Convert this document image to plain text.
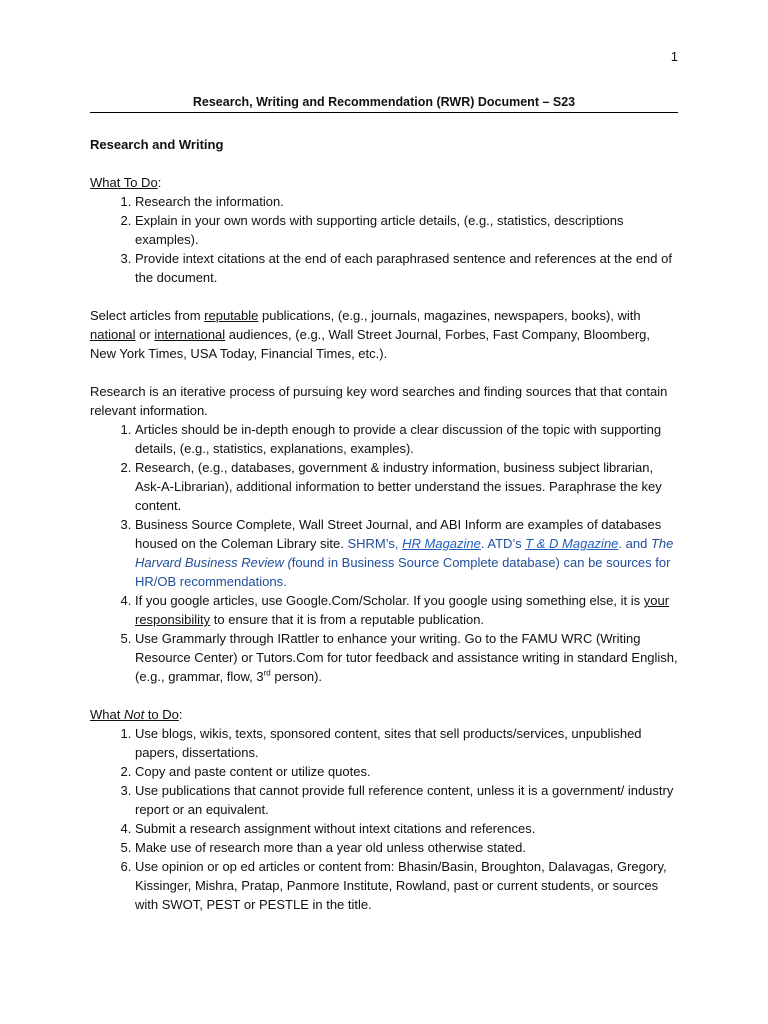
1
Research, Writing and Recommendation (RWR) Document – S23

Research and Writing

What To Do:

1. Research the information.
2. Explain in your own words with supporting article details, (e.g., statistics, descriptions examples).
3. Provide intext citations at the end of each paraphrased sentence and references at the end of the document.

Select articles from reputable publications, (e.g., journals, magazines, newspapers, books), with national or international audiences, (e.g., Wall Street Journal, Forbes, Fast Company, Bloomberg, New York Times, USA Today, Financial Times, etc.).

Research is an iterative process of pursuing key word searches and finding sources that that contain relevant information.

1. Articles should be in-depth enough to provide a clear discussion of the topic with supporting details, (e.g., statistics, explanations, examples).
2. Research, (e.g., databases, government & industry information, business subject librarian, Ask-A-Librarian), additional information to better understand the issues. Paraphrase the key content.
3. Business Source Complete, Wall Street Journal, and ABI Inform are examples of databases housed on the Coleman Library site. SHRM’s, HR Magazine. ATD’s T & D Magazine. and The Harvard Business Review (found in Business Source Complete database) can be sources for HR/OB recommendations.
4. If you google articles, use Google.Com/Scholar. If you google using something else, it is your responsibility to ensure that it is from a reputable publication.
5. Use Grammarly through IRattler to enhance your writing. Go to the FAMU WRC (Writing Resource Center) or Tutors.Com for tutor feedback and assistance writing in standard English, (e.g., grammar, flow, 3rd person).

What Not to Do:

1. Use blogs, wikis, texts, sponsored content, sites that sell products/services, unpublished papers, dissertations.
2. Copy and paste content or utilize quotes.
3. Use publications that cannot provide full reference content, unless it is a government/ industry report or an equivalent.
4. Submit a research assignment without intext citations and references.
5. Make use of research more than a year old unless otherwise stated.
6. Use opinion or op ed articles or content from: Bhasin/Basin, Broughton, Dalavagas, Gregory, Kissinger, Mishra, Pratap, Panmore Institute, Rowland, past or current students, or sources with SWOT, PEST or PESTLE in the title.
